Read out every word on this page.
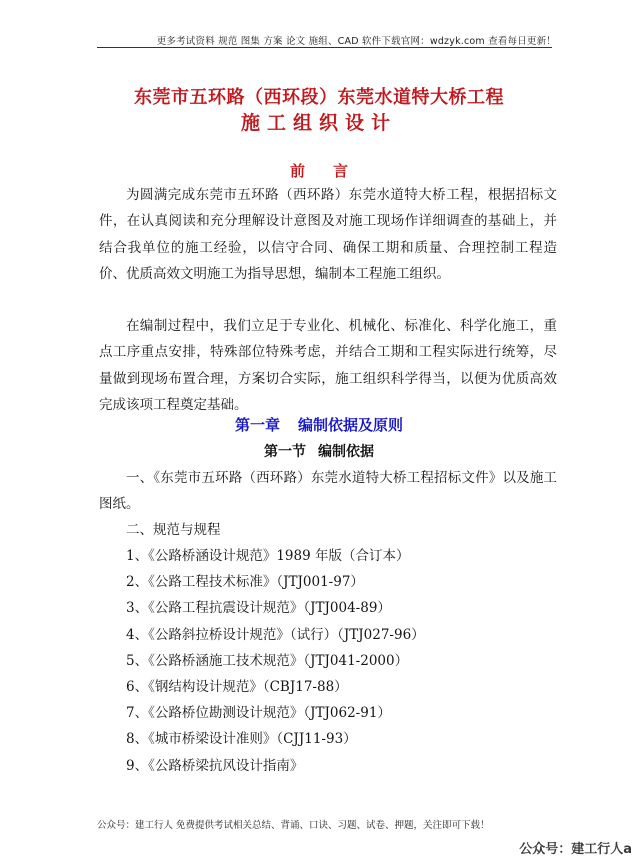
更多考试资料 规范 图集 方案 论文 施组、CAD 软件下载官网：wdzyk.com 查看每日更新！
东莞市五环路（西环段）东莞水道特大桥工程
施工组织设计
前言
为圆满完成东莞市五环路（西环路）东莞水道特大桥工程，根据招标文件，在认真阅读和充分理解设计意图及对施工现场作详细调查的基础上，并结合我单位的施工经验，以信守合同、确保工期和质量、合理控制工程造价、优质高效文明施工为指导思想，编制本工程施工组织。
在编制过程中，我们立足于专业化、机械化、标准化、科学化施工，重点工序重点安排，特殊部位特殊考虑，并结合工期和工程实际进行统筹，尽量做到现场布置合理，方案切合实际，施工组织科学得当，以便为优质高效完成该项工程奠定基础。
第一章 编制依据及原则
第一节 编制依据
一、《东莞市五环路（西环路）东莞水道特大桥工程招标文件》以及施工图纸。
二、规范与规程
1、《公路桥涵设计规范》1989 年版（合订本）
2、《公路工程技术标准》（JTJ001-97）
3、《公路工程抗震设计规范》（JTJ004-89）
4、《公路斜拉桥设计规范》（试行）（JTJ027-96）
5、《公路桥涵施工技术规范》（JTJ041-2000）
6、《钢结构设计规范》（CBJ17-88）
7、《公路桥位勘测设计规范》（JTJ062-91）
8、《城市桥梁设计准则》（CJJ11-93）
9、《公路桥梁抗风设计指南》
公众号：建工行人 免费提供考试相关总结、背诵、口诀、习题、试卷、押题，关注即可下载！
公众号：建工行人a
